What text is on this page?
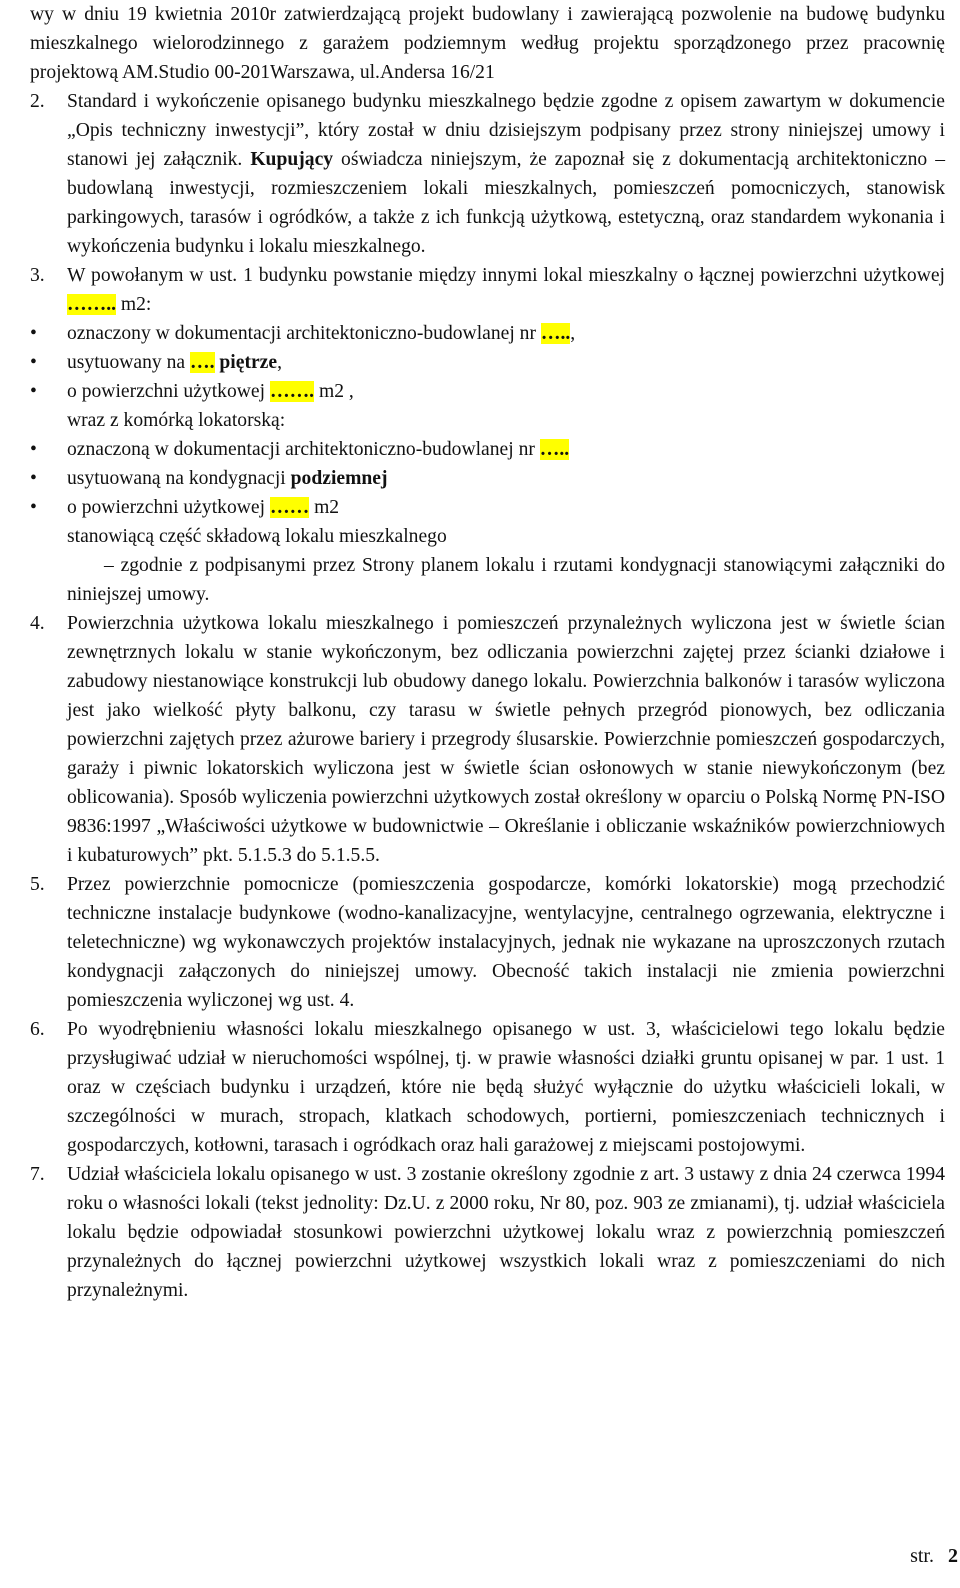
wy w dniu 19 kwietnia 2010r zatwierdzającą projekt budowlany i zawierającą pozwolenie na budowę budynku mieszkalnego wielorodzinnego z garażem podziemnym według projektu sporządzonego przez pracownię projektową AM.Studio 00-201Warszawa, ul.Andersa 16/21

2.	Standard i wykończenie opisanego budynku mieszkalnego będzie zgodne z opisem zawartym w dokumencie „Opis techniczny inwestycji”, który został w dniu dzisiejszym podpisany przez strony niniejszej umowy i stanowi jej załącznik. Kupujący oświadcza niniejszym, że zapoznał się z dokumentacją architektoniczno – budowlaną inwestycji, rozmieszczeniem lokali mieszkalnych, pomieszczeń pomocniczych, stanowisk parkingowych, tarasów i ogródków, a także z ich funkcją użytkową, estetyczną, oraz standardem wykonania i wykończenia budynku i lokalu mieszkalnego.
3.	W powołanym w ust. 1 budynku powstanie między innymi lokal mieszkalny o łącznej powierzchni użytkowej …….. m2:
• oznaczony w dokumentacji architektoniczno-budowlanej nr …..,
• usytuowany na …. piętrze,
• o powierzchni użytkowej ……. m2 ,

wraz z komórką lokatorską:

• oznaczoną w dokumentacji architektoniczno-budowlanej nr …..
• usytuowaną na kondygnacji podziemnej
• o powierzchni użytkowej …… m2

stanowiącą część składową lokalu mieszkalnego

– zgodnie z podpisanymi przez Strony planem lokalu i rzutami kondygnacji stanowiącymi załączniki do niniejszej umowy.

4.	Powierzchnia użytkowa lokalu mieszkalnego i pomieszczeń przynależnych wyliczona jest w świetle ścian zewnętrznych lokalu w stanie wykończonym, bez odliczania powierzchni zajętej przez ścianki działowe i zabudowy niestanowiące konstrukcji lub obudowy danego lokalu. Powierzchnia balkonów i tarasów wyliczona jest jako wielkość płyty balkonu, czy tarasu w świetle pełnych przegród pionowych, bez odliczania powierzchni zajętych przez ażurowe bariery i przegrody ślusarskie. Powierzchnie pomieszczeń gospodarczych, garaży i piwnic lokatorskich wyliczona jest w świetle ścian osłonowych w stanie niewykończonym (bez oblicowania). Sposób wyliczenia powierzchni użytkowych został określony w oparciu o Polską Normę PN-ISO 9836:1997 „Właściwości użytkowe w budownictwie – Określanie i obliczanie wskaźników powierzchniowych i kubaturowych” pkt. 5.1.5.3 do 5.1.5.5.
5.	Przez powierzchnie pomocnicze (pomieszczenia gospodarcze, komórki lokatorskie) mogą przechodzić techniczne instalacje budynkowe (wodno-kanalizacyjne, wentylacyjne, centralnego ogrzewania, elektryczne i teletechniczne) wg wykonawczych projektów instalacyjnych, jednak nie wykazane na uproszczonych rzutach kondygnacji załączonych do niniejszej umowy. Obecność takich instalacji nie zmienia powierzchni pomieszczenia wyliczonej wg ust. 4.
6.	Po wyodrębnieniu własności lokalu mieszkalnego opisanego w ust. 3, właścicielowi tego lokalu będzie przysługiwać udział w nieruchomości wspólnej, tj. w prawie własności działki gruntu opisanej w par. 1 ust. 1 oraz w częściach budynku i urządzeń, które nie będą służyć wyłącznie do użytku właścicieli lokali, w szczególności w murach, stropach, klatkach schodowych, portierni, pomieszczeniach technicznych i gospodarczych, kotłowni, tarasach i ogródkach oraz hali garażowej z miejscami postojowymi.
7.	Udział właściciela lokalu opisanego w ust. 3 zostanie określony zgodnie z art. 3 ustawy z dnia 24 czerwca 1994 roku o własności lokali (tekst jednolity: Dz.U. z 2000 roku, Nr 80, poz. 903 ze zmianami), tj. udział właściciela lokalu będzie odpowiadał stosunkowi powierzchni użytkowej lokalu wraz z powierzchnią pomieszczeń przynależnych do łącznej powierzchni użytkowej wszystkich lokali wraz z pomieszczeniami do nich przynależnymi.
str. 2
